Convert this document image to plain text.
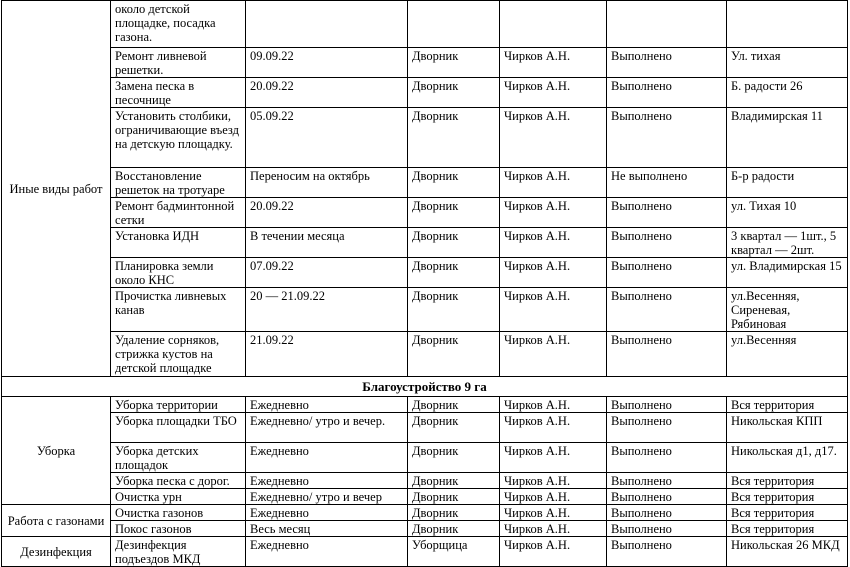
Иные виды работ	около детской площадке, посадка газона.					
	Ремонт ливневой решетки.	09.09.22	Дворник	Чирков А.Н.	Выполнено	Ул. тихая
	Замена песка в песочнице	20.09.22	Дворник	Чирков А.Н.	Выполнено	Б. радости 26
	Установить столбики, ограничивающие въезд на детскую площадку.	05.09.22	Дворник	Чирков А.Н.	Выполнено	Владимирская 11
	Восстановление решеток на тротуаре	Переносим на октябрь	Дворник	Чирков А.Н.	Не выполнено	Б-р радости
	Ремонт бадминтонной сетки	20.09.22	Дворник	Чирков А.Н.	Выполнено	ул. Тихая 10
	Установка ИДН	В течении месяца	Дворник	Чирков А.Н.	Выполнено	3 квартал — 1шт., 5 квартал — 2шт.
	Планировка земли около КНС	07.09.22	Дворник	Чирков А.Н.	Выполнено	ул. Владимирская 15
	Прочистка ливневых канав	20 — 21.09.22	Дворник	Чирков А.Н.	Выполнено	ул.Весенняя, Сиреневая, Рябиновая
	Удаление сорняков, стрижка кустов на детской площадке	21.09.22	Дворник	Чирков А.Н.	Выполнено	ул.Весенняя
Благоустройство 9 га						
Уборка	Уборка территории	Ежедневно	Дворник	Чирков А.Н.	Выполнено	Вся территория
	Уборка площадки ТБО	Ежедневно/ утро и вечер.	Дворник	Чирков А.Н.	Выполнено	Никольская КПП
	Уборка детских площадок	Ежедневно	Дворник	Чирков А.Н.	Выполнено	Никольская д1, д17.
	Уборка песка с дорог.	Ежедневно	Дворник	Чирков А.Н.	Выполнено	Вся территория
	Очистка урн	Ежедневно/ утро и вечер	Дворник	Чирков А.Н.	Выполнено	Вся территория
Работа с газонами	Очистка газонов	Ежедневно	Дворник	Чирков А.Н.	Выполнено	Вся территория
	Покос газонов	Весь месяц	Дворник	Чирков А.Н.	Выполнено	Вся территория
Дезинфекция	Дезинфекция подъездов МКД	Ежедневно	Уборщица	Чирков А.Н.	Выполнено	Никольская 26 МКД
